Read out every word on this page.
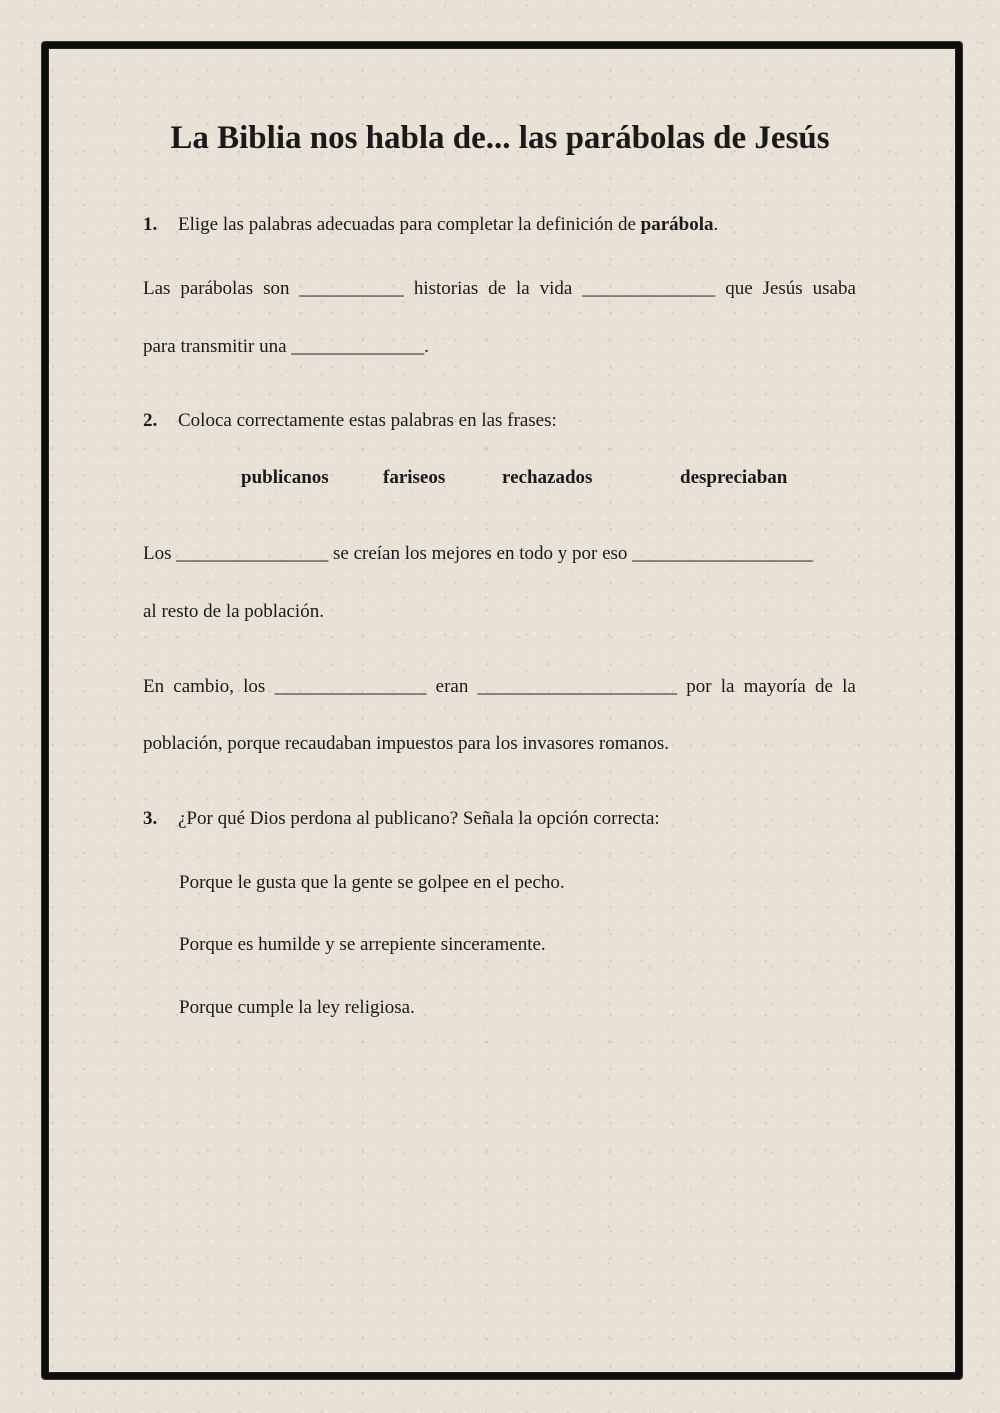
La Biblia nos habla de... las parábolas de Jesús
1. Elige las palabras adecuadas para completar la definición de parábola.
Las parábolas son ___________ historias de la vida ______________ que Jesús usaba
para transmitir una ______________.
2. Coloca correctamente estas palabras en las frases:
publicanos	fariseos	rechazados	despreciaban
Los ________________ se creían los mejores en todo y por eso ___________________
al resto de la población.
En cambio, los ________________ eran _____________________ por la mayoría de la
población, porque recaudaban impuestos para los invasores romanos.
3. ¿Por qué Dios perdona al publicano? Señala la opción correcta:
Porque le gusta que la gente se golpee en el pecho.
Porque es humilde y se arrepiente sinceramente.
Porque cumple la ley religiosa.
